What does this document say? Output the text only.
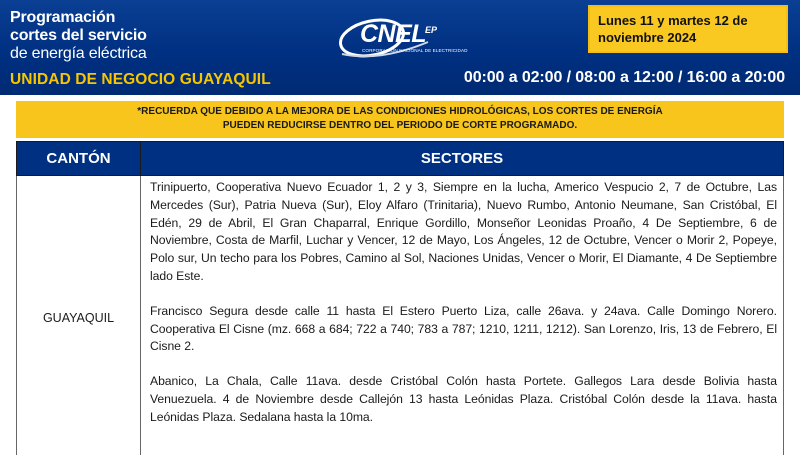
Programación
cortes del servicio
de energía eléctrica
UNIDAD DE NEGOCIO GUAYAQUIL
CNEL
EP
CORPORACIÓN NACIONAL DE ELECTRICIDAD
Lunes 11 y martes 12 de noviembre 2024
00:00 a 02:00 / 08:00 a 12:00 / 16:00 a 20:00
*RECUERDA QUE DEBIDO A LA MEJORA DE LAS CONDICIONES HIDROLÓGICAS, LOS CORTES DE ENERGÍA
PUEDEN REDUCIRSE DENTRO DEL PERIODO DE CORTE PROGRAMADO.
CANTÓN	SECTORES
GUAYAQUIL	Trinipuerto, Cooperativa Nuevo Ecuador 1, 2 y 3, Siempre en la lucha, Americo Vespucio 2, 7 de Octubre, Las Mercedes (Sur), Patria Nueva (Sur), Eloy Alfaro (Trinitaria), Nuevo Rumbo, Antonio Neumane, San Cristóbal, El Edén, 29 de Abril, El Gran Chaparral, Enrique Gordillo, Monseñor Leonidas Proaño, 4 De Septiembre, 6 de Noviembre, Costa de Marfil, Luchar y Vencer, 12 de Mayo, Los Ángeles, 12 de Octubre, Vencer o Morir 2, Popeye, Polo sur, Un techo para los Pobres, Camino al Sol, Naciones Unidas, Vencer o Morir, El Diamante, 4 De Septiembre lado Este.

Francisco Segura desde calle 11 hasta El Estero Puerto Liza, calle 26ava. y 24ava. Calle Domingo Norero. Cooperativa El Cisne (mz. 668 a 684; 722 a 740; 783 a 787; 1210, 1211, 1212). San Lorenzo, Iris, 13 de Febrero, El Cisne 2.

Abanico, La Chala, Calle 11ava. desde Cristóbal Colón hasta Portete. Gallegos Lara desde Bolivia hasta Venuezuela. 4 de Noviembre desde Callejón 13 hasta Leónidas Plaza. Cristóbal Colón desde la 11ava. hasta Leónidas Plaza. Sedalana hasta la 10ma.
